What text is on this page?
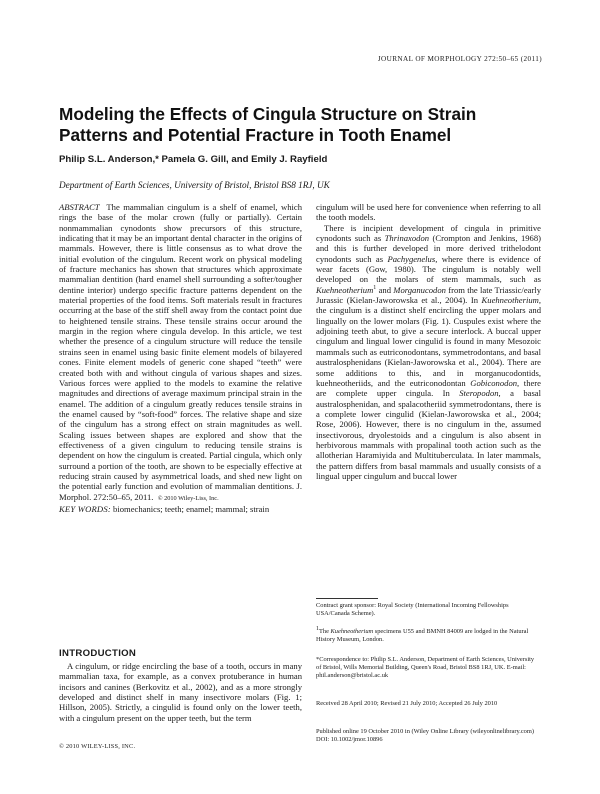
JOURNAL OF MORPHOLOGY 272:50–65 (2011)
Modeling the Effects of Cingula Structure on Strain Patterns and Potential Fracture in Tooth Enamel
Philip S.L. Anderson,* Pamela G. Gill, and Emily J. Rayfield
Department of Earth Sciences, University of Bristol, Bristol BS8 1RJ, UK

ABSTRACT The mammalian cingulum is a shelf of enamel, which rings the base of the molar crown (fully or partially). Certain nonmammalian cynodonts show precursors of this structure, indicating that it may be an important dental character in the origins of mammals. However, there is little consensus as to what drove the initial evolution of the cingulum. Recent work on physical modeling of fracture mechanics has shown that structures which approximate mammalian dentition (hard enamel shell surrounding a softer/tougher dentine interior) undergo specific fracture patterns dependent on the material properties of the food items. Soft materials result in fractures occurring at the base of the stiff shell away from the contact point due to heightened tensile strains. These tensile strains occur around the margin in the region where cingula develop. In this article, we test whether the presence of a cingulum structure will reduce the tensile strains seen in enamel using basic finite element models of bilayered cones. Finite element models of generic cone shaped “teeth” were created both with and without cingula of various shapes and sizes. Various forces were applied to the models to examine the relative magnitudes and directions of average maximum principal strain in the enamel. The addition of a cingulum greatly reduces tensile strains in the enamel caused by “soft-food” forces. The relative shape and size of the cingulum has a strong effect on strain magnitudes as well. Scaling issues between shapes are explored and show that the effectiveness of a given cingulum to reducing tensile strains is dependent on how the cingulum is created. Partial cingula, which only surround a portion of the tooth, are shown to be especially effective at reducing strain caused by asymmetrical loads, and shed new light on the potential early function and evolution of mammalian dentitions. J. Morphol. 272:50–65, 2011. © 2010 Wiley-Liss, Inc.

KEY WORDS: biomechanics; teeth; enamel; mammal; strain

INTRODUCTION

A cingulum, or ridge encircling the base of a tooth, occurs in many mammalian taxa, for example, as a convex protuberance in human incisors and canines (Berkovitz et al., 2002), and as a more strongly developed and distinct shelf in many insectivore molars (Fig. 1; Hillson, 2005). Strictly, a cingulid is found only on the lower teeth, with a cingulum present on the upper teeth, but the term

cingulum will be used here for convenience when referring to all the tooth models.

There is incipient development of cingula in primitive cynodonts such as Thrinaxodon (Crompton and Jenkins, 1968) and this is further developed in more derived trithelodont cynodonts such as Pachygenelus, where there is evidence of wear facets (Gow, 1980). The cingulum is notably well developed on the molars of stem mammals, such as Kuehneotherium$^1$ and Morganucodon from the late Triassic/early Jurassic (Kielan-Jaworowska et al., 2004). In Kuehneotherium, the cingulum is a distinct shelf encircling the upper molars and lingually on the lower molars (Fig. 1). Cuspules exist where the adjoining teeth abut, to give a secure interlock. A buccal upper cingulum and lingual lower cingulid is found in many Mesozoic mammals such as eutriconodontans, symmetrodontans, and basal australosphenidans (Kielan-Jaworowska et al., 2004). There are some additions to this, and in morganucodontids, kuehneotheriids, and the eutriconodontan Gobiconodon, there are complete upper cingula. In Steropodon, a basal australosphenidan, and spalacotheriid symmetrodontans, there is a complete lower cingulid (Kielan-Jaworowska et al., 2004; Rose, 2006). However, there is no cingulum in the, assumed insectivorous, dryolestoids and a cingulum is also absent in herbivorous mammals with propalinal tooth action such as the allotherian Haramiyida and Multituberculata. In later mammals, the pattern differs from basal mammals and usually consists of a lingual upper cingulum and buccal lower

Contract grant sponsor: Royal Society (International Incoming Fellowships USA/Canada Scheme).
$^1$The Kuehneotherium specimens U55 and BMNH 84009 are lodged in the Natural History Museum, London.
*Correspondence to: Philip S.L. Anderson, Department of Earth Sciences, University of Bristol, Wills Memorial Building, Queen's Road, Bristol BS8 1RJ, UK. E-mail: phil.anderson@bristol.ac.uk
Received 28 April 2010; Revised 21 July 2010; Accepted 26 July 2010
Published online 19 October 2010 in (Wiley Online Library (wileyonlinelibrary.com) DOI: 10.1002/jmor.10896
© 2010 WILEY-LISS, INC.
